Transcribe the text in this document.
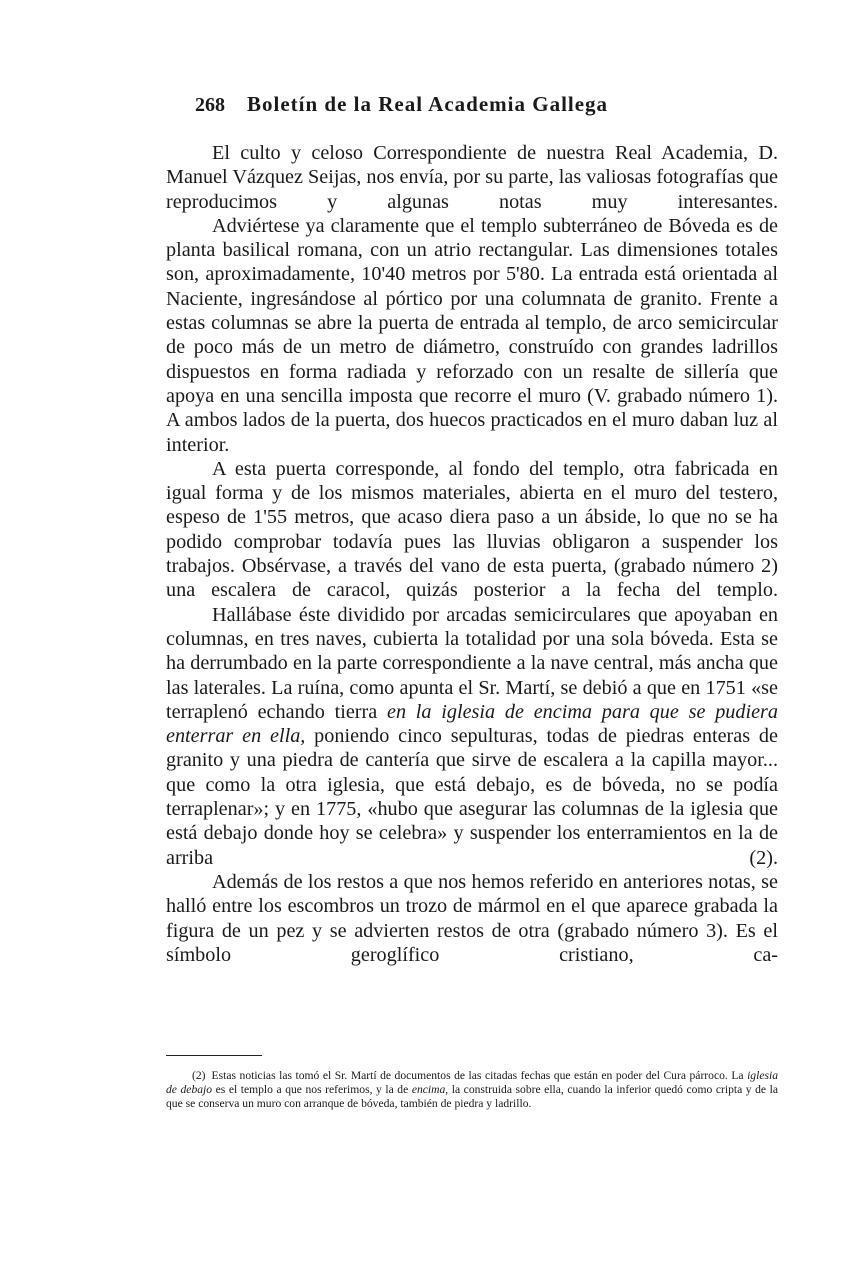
268 Boletín de la Real Academia Gallega

El culto y celoso Correspondiente de nuestra Real Academia, D. Manuel Vázquez Seijas, nos envía, por su parte, las valiosas fotografías que reproducimos y algunas notas muy interesantes.

Adviértese ya claramente que el templo subterráneo de Bóveda es de planta basilical romana, con un atrio rectangular. Las dimensiones totales son, aproximadamente, 10'40 metros por 5'80. La entrada está orientada al Naciente, ingresándose al pórtico por una columnata de granito. Frente a estas columnas se abre la puerta de entrada al templo, de arco semicircular de poco más de un metro de diámetro, construído con grandes ladrillos dispuestos en forma radiada y reforzado con un resalte de sillería que apoya en una sencilla imposta que recorre el muro (V. grabado número 1). A ambos lados de la puerta, dos huecos practicados en el muro daban luz al interior.

A esta puerta corresponde, al fondo del templo, otra fabricada en igual forma y de los mismos materiales, abierta en el muro del testero, espeso de 1'55 metros, que acaso diera paso a un ábside, lo que no se ha podido comprobar todavía pues las lluvias obligaron a suspender los trabajos. Obsérvase, a través del vano de esta puerta, (grabado número 2) una escalera de caracol, quizás posterior a la fecha del templo.

Hallábase éste dividido por arcadas semicirculares que apoyaban en columnas, en tres naves, cubierta la totalidad por una sola bóveda. Esta se ha derrumbado en la parte correspondiente a la nave central, más ancha que las laterales. La ruína, como apunta el Sr. Martí, se debió a que en 1751 «se terraplenó echando tierra en la iglesia de encima para que se pudiera enterrar en ella, poniendo cinco sepulturas, todas de piedras enteras de granito y una piedra de cantería que sirve de escalera a la capilla mayor... que como la otra iglesia, que está debajo, es de bóveda, no se podía terraplenar»; y en 1775, «hubo que asegurar las columnas de la iglesia que está debajo donde hoy se celebra» y suspender los enterramientos en la de arriba (2).

Además de los restos a que nos hemos referido en anteriores notas, se halló entre los escombros un trozo de mármol en el que aparece grabada la figura de un pez y se advierten restos de otra (grabado número 3). Es el símbolo geroglífico cristiano, ca-

(2) Estas noticias las tomó el Sr. Martí de documentos de las citadas fechas que están en poder del Cura párroco. La iglesia de debajo es el templo a que nos referimos, y la de encima, la construida sobre ella, cuando la inferior quedó como cripta y de la que se conserva un muro con arranque de bóveda, también de piedra y ladrillo.
